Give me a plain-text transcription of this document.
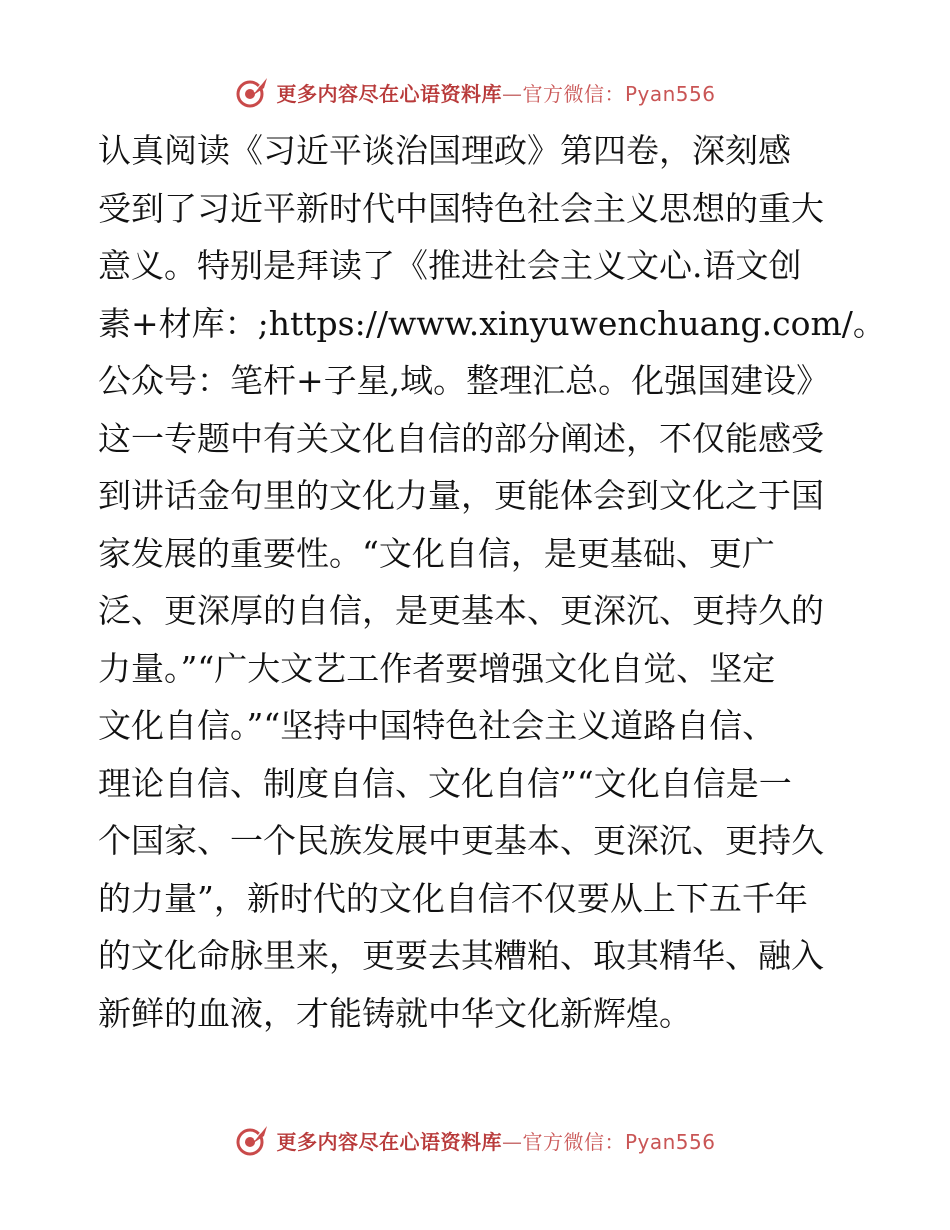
更多内容尽在心语资料库—官方微信：Pyan556
认真阅读《习近平谈治国理政》第四卷，深刻感
受到了习近平新时代中国特色社会主义思想的重大
意义。特别是拜读了《推进社会主义文心.语文创
素+材库：;https://www.xinyuwenchuang.com/。
公众号：笔杆+子星,域。整理汇总。化强国建设》
这一专题中有关文化自信的部分阐述，不仅能感受
到讲话金句里的文化力量，更能体会到文化之于国
家发展的重要性。“文化自信，是更基础、更广
泛、更深厚的自信，是更基本、更深沉、更持久的
力量。”“广大文艺工作者要增强文化自觉、坚定
文化自信。”“坚持中国特色社会主义道路自信、
理论自信、制度自信、文化自信”“文化自信是一
个国家、一个民族发展中更基本、更深沉、更持久
的力量”，新时代的文化自信不仅要从上下五千年
的文化命脉里来，更要去其糟粕、取其精华、融入
新鲜的血液，才能铸就中华文化新辉煌。
更多内容尽在心语资料库—官方微信：Pyan556
